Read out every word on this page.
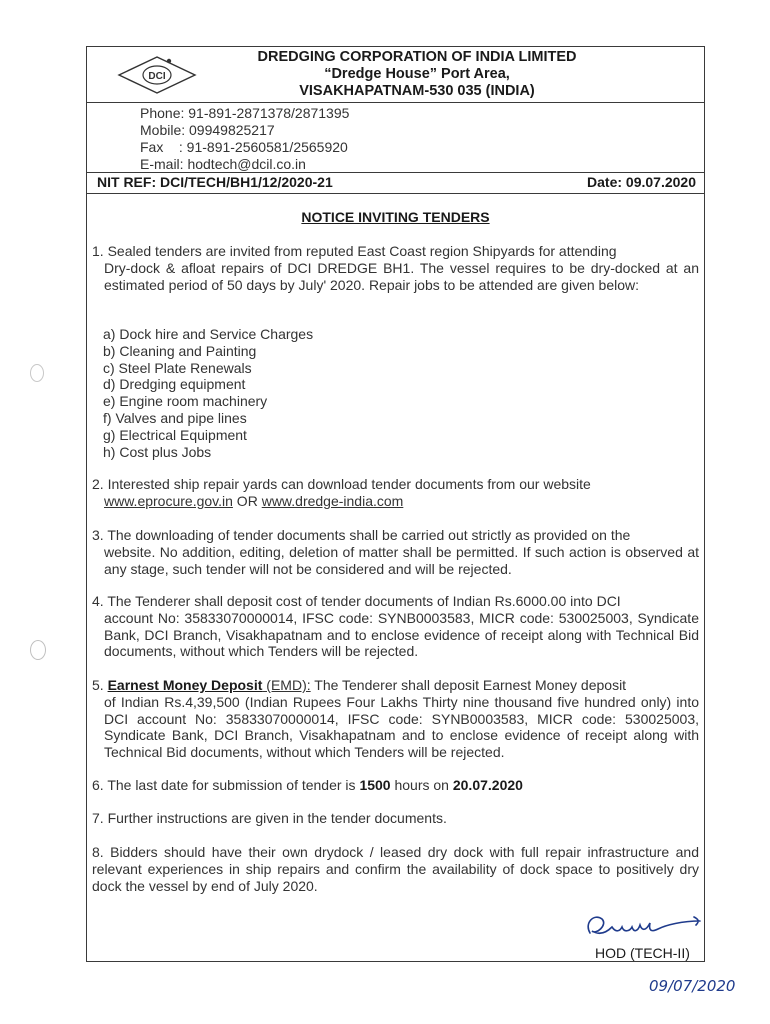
DCI
DREDGING CORPORATION OF INDIA LIMITED
“Dredge House” Port Area,
VISAKHAPATNAM-530 035 (INDIA)
Phone: 91-891-2871378/2871395
Mobile: 09949825217
Fax    : 91-891-2560581/2565920
E-mail: hodtech@dcil.co.in
NIT REF: DCI/TECH/BH1/12/2020-21	Date: 09.07.2020
NOTICE INVITING TENDERS
1. Sealed tenders are invited from reputed East Coast region Shipyards for attending
Dry-dock & afloat repairs of DCI DREDGE BH1. The vessel requires to be dry-docked at an estimated period of 50 days by July' 2020. Repair jobs to be attended are given below:
a) Dock hire and Service Charges
b) Cleaning and Painting
c) Steel Plate Renewals
d) Dredging equipment
e) Engine room machinery
f) Valves and pipe lines
g) Electrical Equipment
h) Cost plus Jobs
2. Interested ship repair yards can download tender documents from our website
www.eprocure.gov.in OR www.dredge-india.com
3. The downloading of tender documents shall be carried out strictly as provided on the
website. No addition, editing, deletion of matter shall be permitted. If such action is observed at any stage, such tender will not be considered and will be rejected.
4. The Tenderer shall deposit cost of tender documents of Indian Rs.6000.00 into DCI
account No: 35833070000014, IFSC code: SYNB0003583, MICR code: 530025003, Syndicate Bank, DCI Branch, Visakhapatnam and to enclose evidence of receipt along with Technical Bid documents, without which Tenders will be rejected.
5. Earnest Money Deposit (EMD): The Tenderer shall deposit Earnest Money deposit
of Indian Rs.4,39,500 (Indian Rupees Four Lakhs Thirty nine thousand five hundred only) into DCI account No: 35833070000014, IFSC code: SYNB0003583, MICR code: 530025003, Syndicate Bank, DCI Branch, Visakhapatnam and to enclose evidence of receipt along with Technical Bid documents, without which Tenders will be rejected.
6. The last date for submission of tender is 1500 hours on 20.07.2020
7. Further instructions are given in the tender documents.
8. Bidders should have their own drydock / leased dry dock with full repair infrastructure and relevant experiences in ship repairs and confirm the availability of dock space to positively dry dock the vessel by end of July 2020.
HOD (TECH-II)
09/07/2020
